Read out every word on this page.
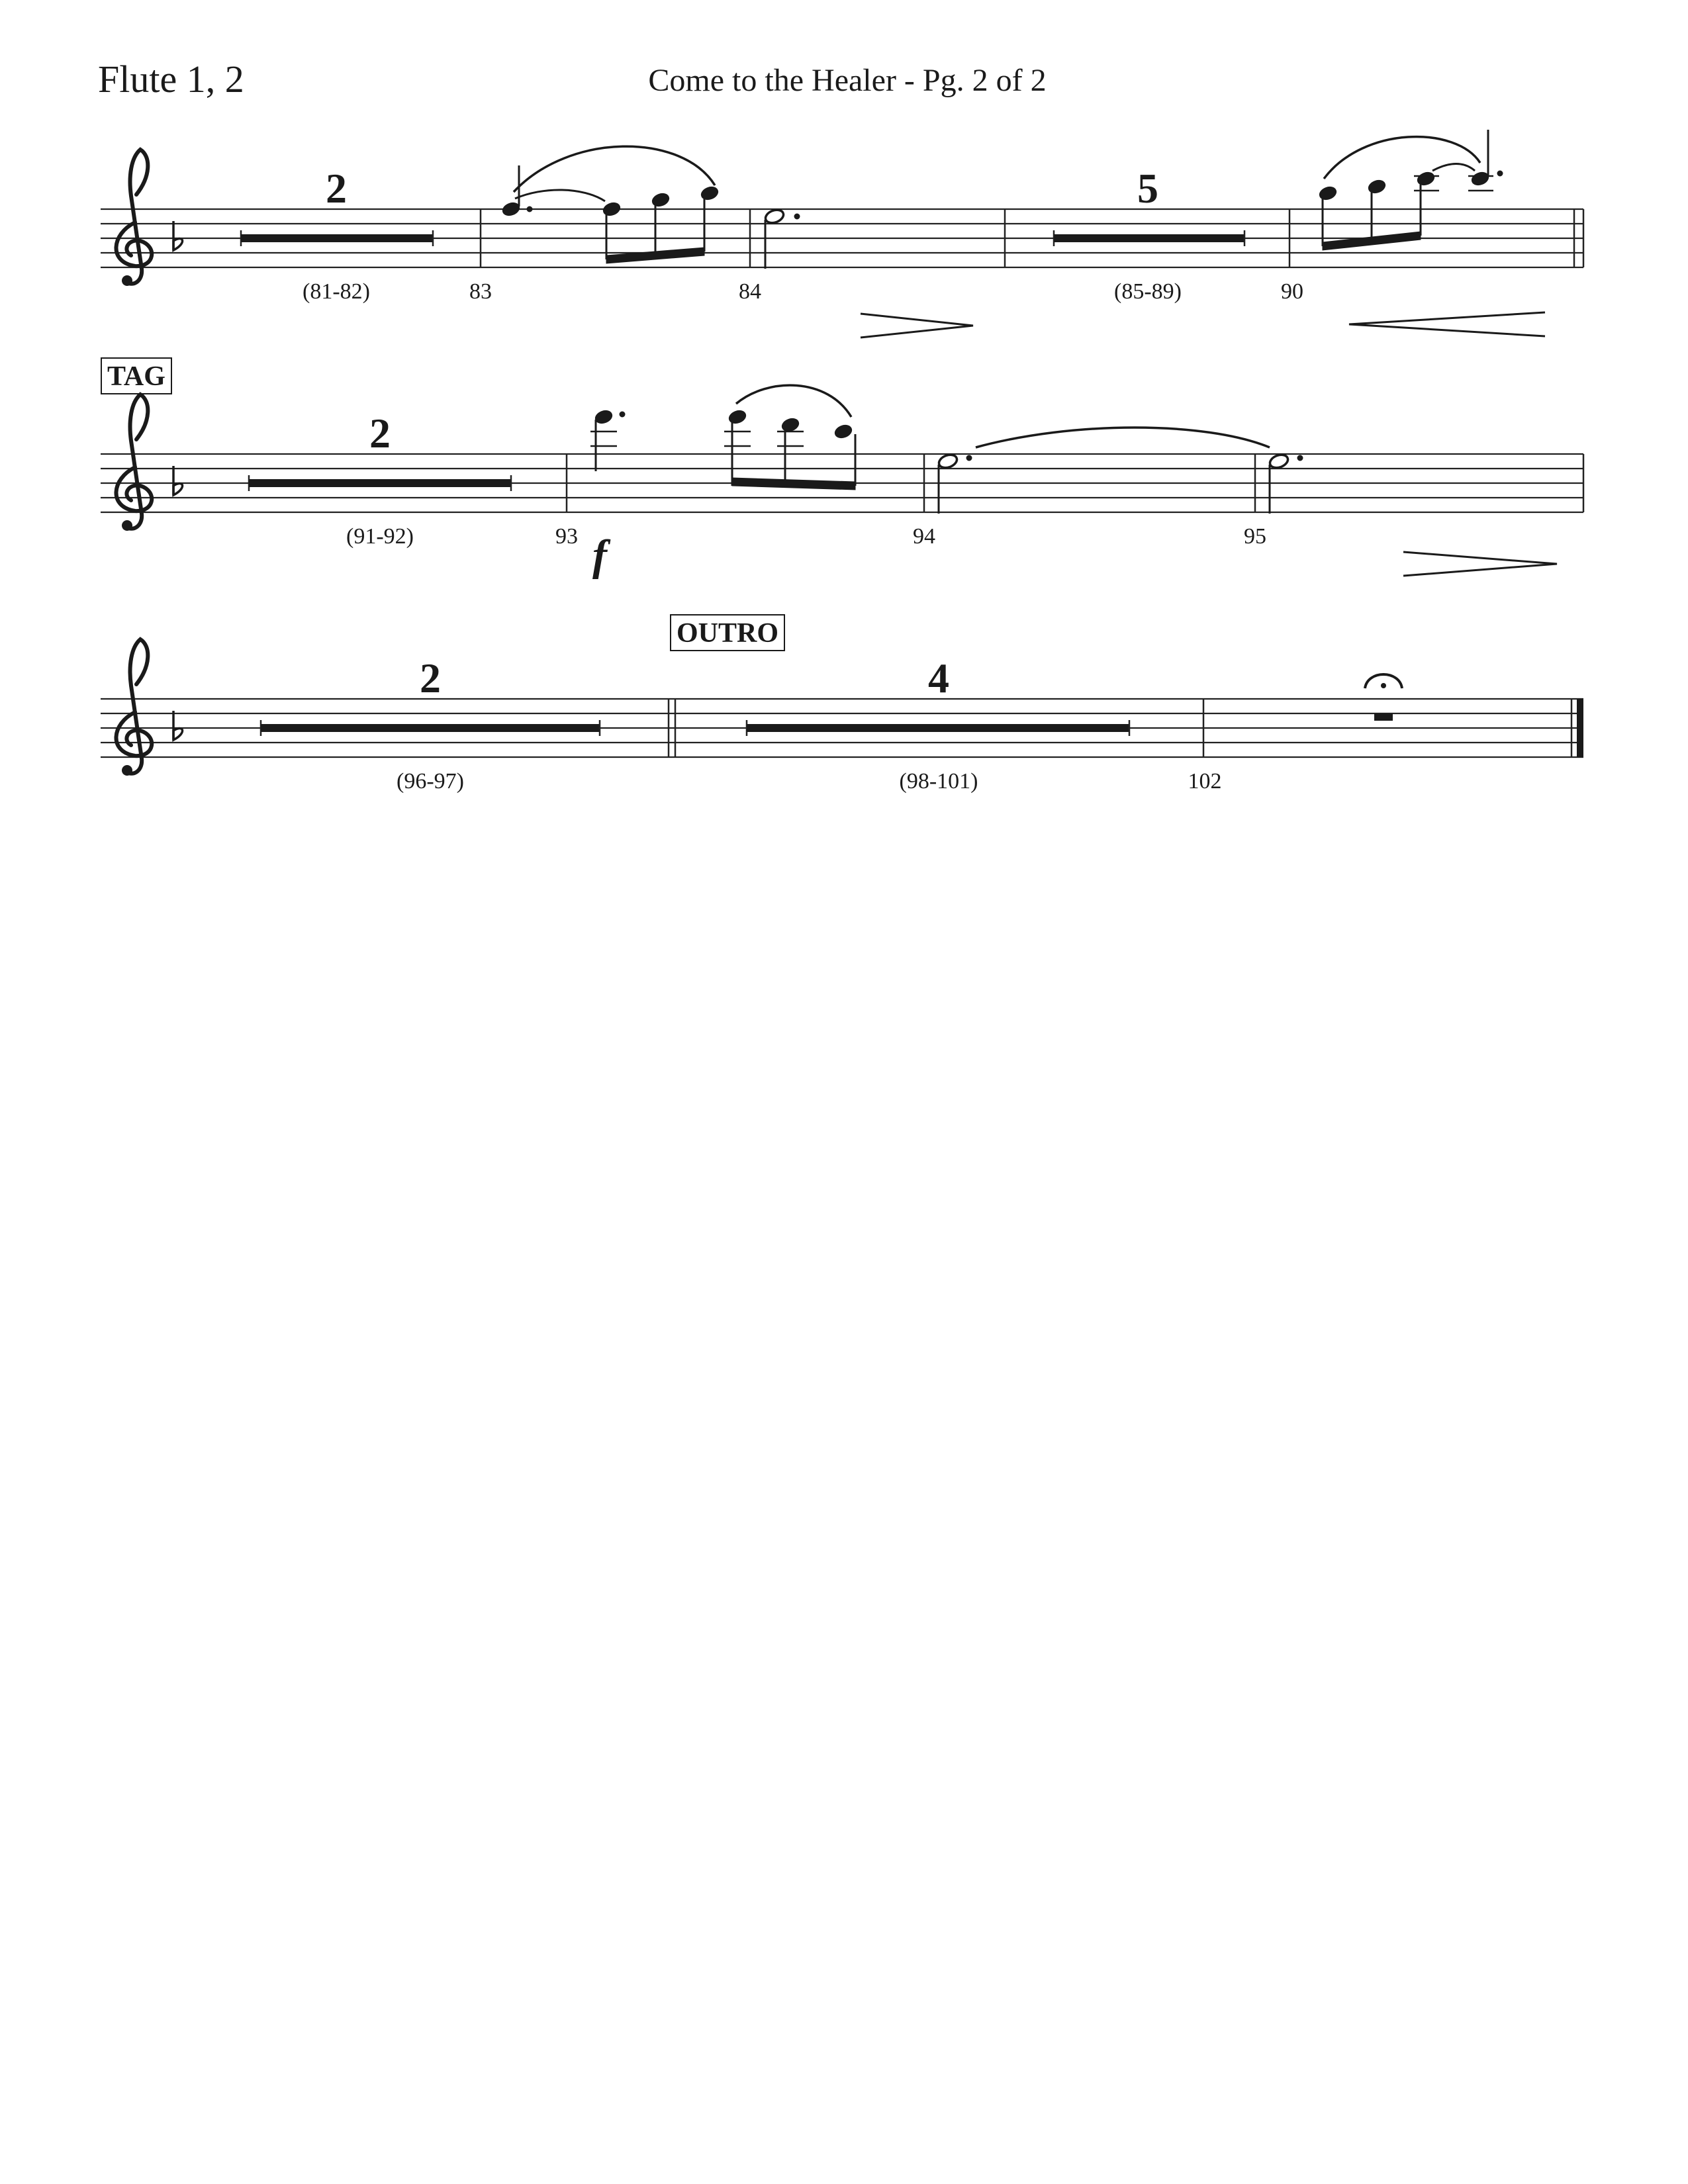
Flute 1, 2	Come to the Healer - Pg. 2 of 2
2
(81-82)	83	84
5
(85-89)	90
TAG
2
(91-92)	93 f	94	95
OUTRO
2
(96-97)
4
(98-101)	102
